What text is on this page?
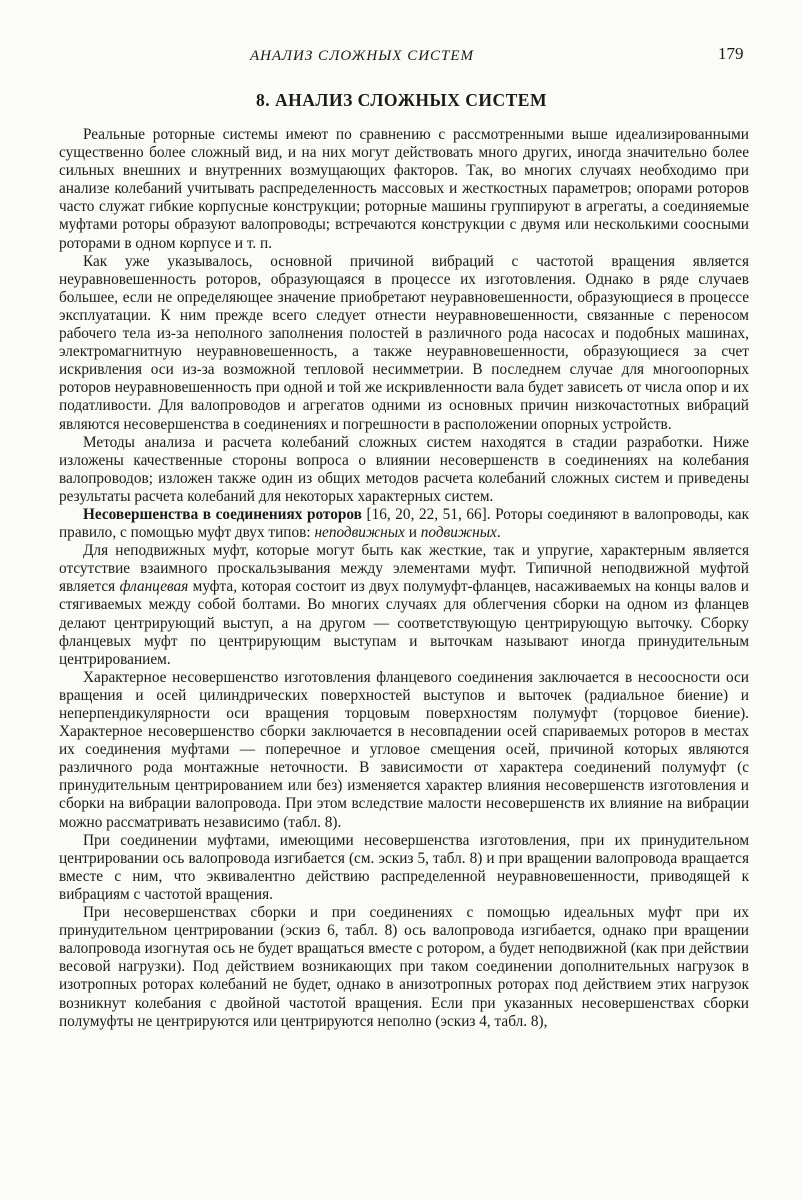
АНАЛИЗ СЛОЖНЫХ СИСТЕМ	179
8. АНАЛИЗ СЛОЖНЫХ СИСТЕМ

Реальные роторные системы имеют по сравнению с рассмотренными выше идеализированными существенно более сложный вид, и на них могут действовать много других, иногда значительно более сильных внешних и внутренних возмущающих факторов. Так, во многих случаях необходимо при анализе колебаний учитывать распределенность массовых и жесткостных параметров; опорами роторов часто служат гибкие корпусные конструкции; роторные машины группируют в агрегаты, а соединяемые муфтами роторы образуют валопроводы; встречаются конструкции с двумя или несколькими соосными роторами в одном корпусе и т. п.

Как уже указывалось, основной причиной вибраций с частотой вращения является неуравновешенность роторов, образующаяся в процессе их изготовления. Однако в ряде случаев большее, если не определяющее значение приобретают неуравновешенности, образующиеся в процессе эксплуатации. К ним прежде всего следует отнести неуравновешенности, связанные с переносом рабочего тела из-за неполного заполнения полостей в различного рода насосах и подобных машинах, электромагнитную неуравновешенность, а также неуравновешенности, образующиеся за счет искривления оси из-за возможной тепловой несимметрии. В последнем случае для многоопорных роторов неуравновешенность при одной и той же искривленности вала будет зависеть от числа опор и их податливости. Для валопроводов и агрегатов одними из основных причин низкочастотных вибраций являются несовершенства в соединениях и погрешности в расположении опорных устройств.

Методы анализа и расчета колебаний сложных систем находятся в стадии разработки. Ниже изложены качественные стороны вопроса о влиянии несовершенств в соединениях на колебания валопроводов; изложен также один из общих методов расчета колебаний сложных систем и приведены результаты расчета колебаний для некоторых характерных систем.

Несовершенства в соединениях роторов [16, 20, 22, 51, 66]. Роторы соединяют в валопроводы, как правило, с помощью муфт двух типов: неподвижных и подвижных.

Для неподвижных муфт, которые могут быть как жесткие, так и упругие, характерным является отсутствие взаимного проскальзывания между элементами муфт. Типичной неподвижной муфтой является фланцевая муфта, которая состоит из двух полумуфт-фланцев, насаживаемых на концы валов и стягиваемых между собой болтами. Во многих случаях для облегчения сборки на одном из фланцев делают центрирующий выступ, а на другом — соответствующую центрирующую выточку. Сборку фланцевых муфт по центрирующим выступам и выточкам называют иногда принудительным центрированием.

Характерное несовершенство изготовления фланцевого соединения заключается в несоосности оси вращения и осей цилиндрических поверхностей выступов и выточек (радиальное биение) и неперпендикулярности оси вращения торцовым поверхностям полумуфт (торцовое биение). Характерное несовершенство сборки заключается в несовпадении осей спариваемых роторов в местах их соединения муфтами — поперечное и угловое смещения осей, причиной которых являются различного рода монтажные неточности. В зависимости от характера соединений полумуфт (с принудительным центрированием или без) изменяется характер влияния несовершенств изготовления и сборки на вибрации валопровода. При этом вследствие малости несовершенств их влияние на вибрации можно рассматривать независимо (табл. 8).

При соединении муфтами, имеющими несовершенства изготовления, при их принудительном центрировании ось валопровода изгибается (см. эскиз 5, табл. 8) и при вращении валопровода вращается вместе с ним, что эквивалентно действию распределенной неуравновешенности, приводящей к вибрациям с частотой вращения.

При несовершенствах сборки и при соединениях с помощью идеальных муфт при их принудительном центрировании (эскиз 6, табл. 8) ось валопровода изгибается, однако при вращении валопровода изогнутая ось не будет вращаться вместе с ротором, а будет неподвижной (как при действии весовой нагрузки). Под действием возникающих при таком соединении дополнительных нагрузок в изотропных роторах колебаний не будет, однако в анизотропных роторах под действием этих нагрузок возникнут колебания с двойной частотой вращения. Если при указанных несовершенствах сборки полумуфты не центрируются или центрируются неполно (эскиз 4, табл. 8),
